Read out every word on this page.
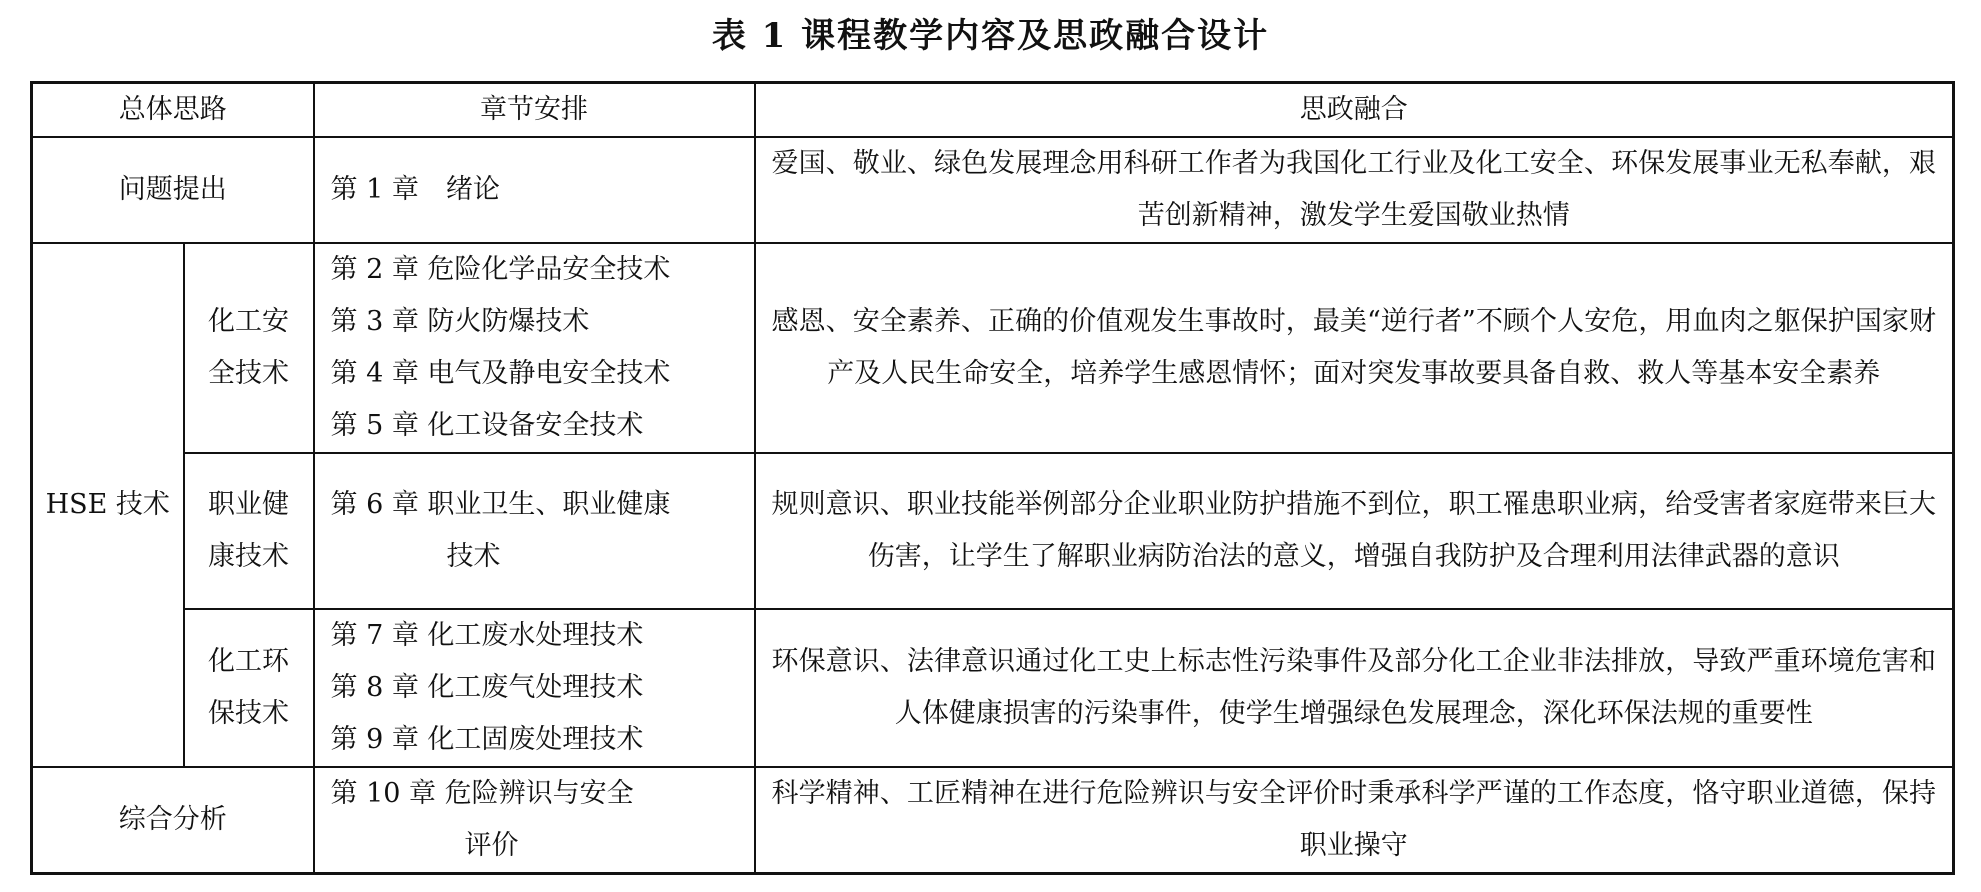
表 1 课程教学内容及思政融合设计
总体思路		章节安排	思政融合
问题提出		第 1 章　绪论	爱国、敬业、绿色发展理念用科研工作者为我国化工行业及化工安全、环保发展事业无私奉献，艰苦创新精神，激发学生爱国敬业热情
HSE 技术	化工安全技术	第 2 章 危险化学品安全技术
第 3 章 防火防爆技术
第 4 章 电气及静电安全技术
第 5 章 化工设备安全技术	感恩、安全素养、正确的价值观发生事故时，最美“逆行者”不顾个人安危，用血肉之躯保护国家财产及人民生命安全，培养学生感恩情怀；面对突发事故要具备自救、救人等基本安全素养

	职业健康技术	第 6 章 职业卫生、职业健康
技术	规则意识、职业技能举例部分企业职业防护措施不到位，职工罹患职业病，给受害者家庭带来巨大伤害，让学生了解职业病防治法的意义，增强自我防护及合理利用法律武器的意识

	化工环保技术	第 7 章 化工废水处理技术
第 8 章 化工废气处理技术
第 9 章 化工固废处理技术	环保意识、法律意识通过化工史上标志性污染事件及部分化工企业非法排放，导致严重环境危害和人体健康损害的污染事件，使学生增强绿色发展理念，深化环保法规的重要性
综合分析		第 10 章 危险辨识与安全
评价	科学精神、工匠精神在进行危险辨识与安全评价时秉承科学严谨的工作态度，恪守职业道德，保持职业操守
